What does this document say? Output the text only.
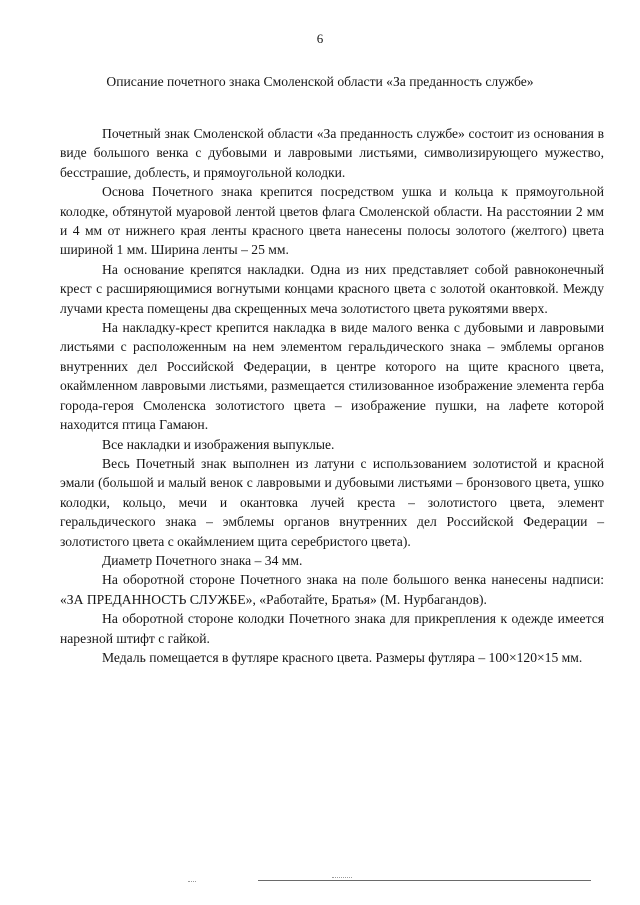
6
Описание почетного знака Смоленской области «За преданность службе»

Почетный знак Смоленской области «За преданность службе» состоит из основания в виде большого венка с дубовыми и лавровыми листьями, символизирующего мужество, бесстрашие, доблесть, и прямоугольной колодки.

Основа Почетного знака крепится посредством ушка и кольца к прямоугольной колодке, обтянутой муаровой лентой цветов флага Смоленской области. На расстоянии 2 мм и 4 мм от нижнего края ленты красного цвета нанесены полосы золотого (желтого) цвета шириной 1 мм. Ширина ленты – 25 мм.

На основание крепятся накладки. Одна из них представляет собой равноконечный крест с расширяющимися вогнутыми концами красного цвета с золотой окантовкой. Между лучами креста помещены два скрещенных меча золотистого цвета рукоятями вверх.

На накладку-крест крепится накладка в виде малого венка с дубовыми и лавровыми листьями с расположенным на нем элементом геральдического знака – эмблемы органов внутренних дел Российской Федерации, в центре которого на щите красного цвета, окаймленном лавровыми листьями, размещается стилизованное изображение элемента герба города-героя Смоленска золотистого цвета – изображение пушки, на лафете которой находится птица Гамаюн.

Все накладки и изображения выпуклые.

Весь Почетный знак выполнен из латуни с использованием золотистой и красной эмали (большой и малый венок с лавровыми и дубовыми листьями – бронзового цвета, ушко колодки, кольцо, мечи и окантовка лучей креста – золотистого цвета, элемент геральдического знака – эмблемы органов внутренних дел Российской Федерации – золотистого цвета с окаймлением щита серебристого цвета).

Диаметр Почетного знака – 34 мм.

На оборотной стороне Почетного знака на поле большого венка нанесены надписи: «ЗА ПРЕДАННОСТЬ СЛУЖБЕ», «Работайте, Братья» (М. Нурбагандов).

На оборотной стороне колодки Почетного знака для прикрепления к одежде имеется нарезной штифт с гайкой.

Медаль помещается в футляре красного цвета. Размеры футляра – 100×120×15 мм.
